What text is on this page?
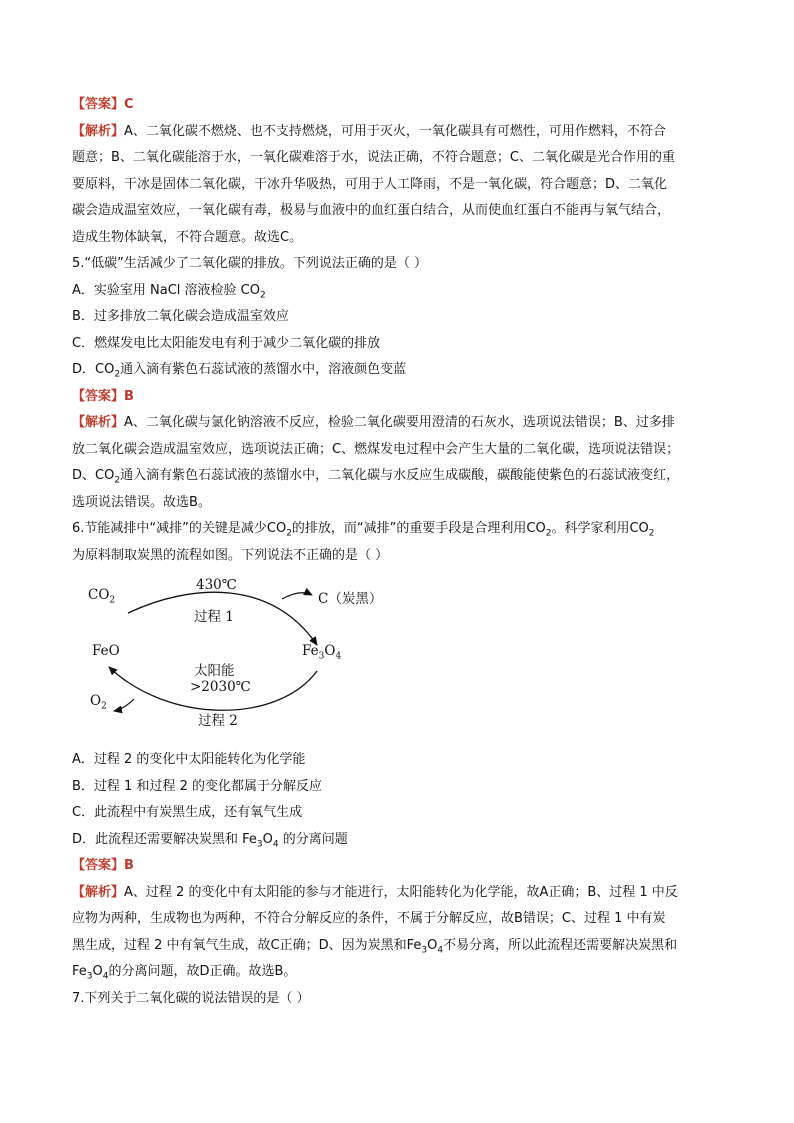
【答案】C
【解析】A、二氧化碳不燃烧、也不支持燃烧，可用于灭火，一氧化碳具有可燃性，可用作燃料，不符合
题意；B、二氧化碳能溶于水，一氧化碳难溶于水，说法正确，不符合题意；C、二氧化碳是光合作用的重
要原料，干冰是固体二氧化碳，干冰升华吸热，可用于人工降雨，不是一氧化碳，符合题意；D、二氧化
碳会造成温室效应，一氧化碳有毒，极易与血液中的血红蛋白结合，从而使血红蛋白不能再与氧气结合，
造成生物体缺氧，不符合题意。故选C。
5.“低碳”生活减少了二氧化碳的排放。下列说法正确的是（ ）
A．实验室用 NaCl 溶液检验 $CO_2$
B．过多排放二氧化碳会造成温室效应
C．燃煤发电比太阳能发电有利于减少二氧化碳的排放
D．$CO_2$通入滴有紫色石蕊试液的蒸馏水中，溶液颜色变蓝
【答案】B
【解析】A、二氧化碳与氯化钠溶液不反应，检验二氧化碳要用澄清的石灰水，选项说法错误；B、过多排
放二氧化碳会造成温室效应，选项说法正确；C、燃煤发电过程中会产生大量的二氧化碳，选项说法错误；
D、$CO_2$通入滴有紫色石蕊试液的蒸馏水中，二氧化碳与水反应生成碳酸，碳酸能使紫色的石蕊试液变红，
选项说法错误。故选B。
6.节能减排中“减排”的关键是减少$CO_2$的排放，而“减排”的重要手段是合理利用$CO_2$。科学家利用$CO_2$
为原料制取炭黑的流程如图。下列说法不正确的是（ ）
$CO_2$
430℃
过程 1
C（炭黑）
FeO	$Fe_3O_4$
太阳能
>2030℃
$O_2$
过程 2
A．过程 2 的变化中太阳能转化为化学能
B．过程 1 和过程 2 的变化都属于分解反应
C．此流程中有炭黑生成，还有氧气生成
D．此流程还需要解决炭黑和 $Fe_3O_4$ 的分离问题
【答案】B
【解析】A、过程 2 的变化中有太阳能的参与才能进行，太阳能转化为化学能，故A正确；B、过程 1 中反
应物为两种，生成物也为两种，不符合分解反应的条件，不属于分解反应，故B错误；C、过程 1 中有炭
黑生成，过程 2 中有氧气生成，故C正确；D、因为炭黑和$Fe_3O_4$不易分离，所以此流程还需要解决炭黑和
$Fe_3O_4$的分离问题，故D正确。故选B。
7.下列关于二氧化碳的说法错误的是（ ）
